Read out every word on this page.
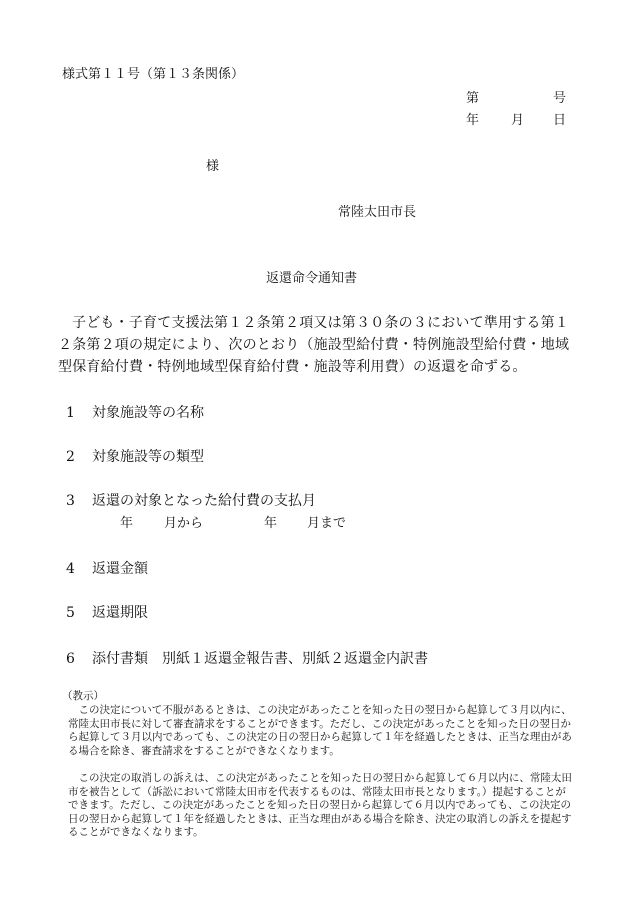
様式第１１号（第１３条関係）
第	号
年 月 日
様
常陸太田市長
返還命令通知書
子ども・子育て支援法第１２条第２項又は第３０条の３において準用する第１２条第２項の規定により、次のとおり（施設型給付費・特例施設型給付費・地域型保育給付費・特例地域型保育給付費・施設等利用費）の返還を命ずる。
1 対象施設等の名称
2 対象施設等の類型
3 返還の対象となった給付費の支払月
年 月から	年 月まで
4 返還金額
5 返還期限
6 添付書類　別紙１返還金報告書、別紙２返還金内訳書
（教示）
この決定について不服があるときは、この決定があったことを知った日の翌日から起算して３月以内に、常陸太田市長に対して審査請求をすることができます。ただし、この決定があったことを知った日の翌日から起算して３月以内であっても、この決定の日の翌日から起算して１年を経過したときは、正当な理由がある場合を除き、審査請求をすることができなくなります。
この決定の取消しの訴えは、この決定があったことを知った日の翌日から起算して６月以内に、常陸太田市を被告として（訴訟において常陸太田市を代表するものは、常陸太田市長となります。）提起することができます。ただし、この決定があったことを知った日の翌日から起算して６月以内であっても、この決定の日の翌日から起算して１年を経過したときは、正当な理由がある場合を除き、決定の取消しの訴えを提起することができなくなります。
